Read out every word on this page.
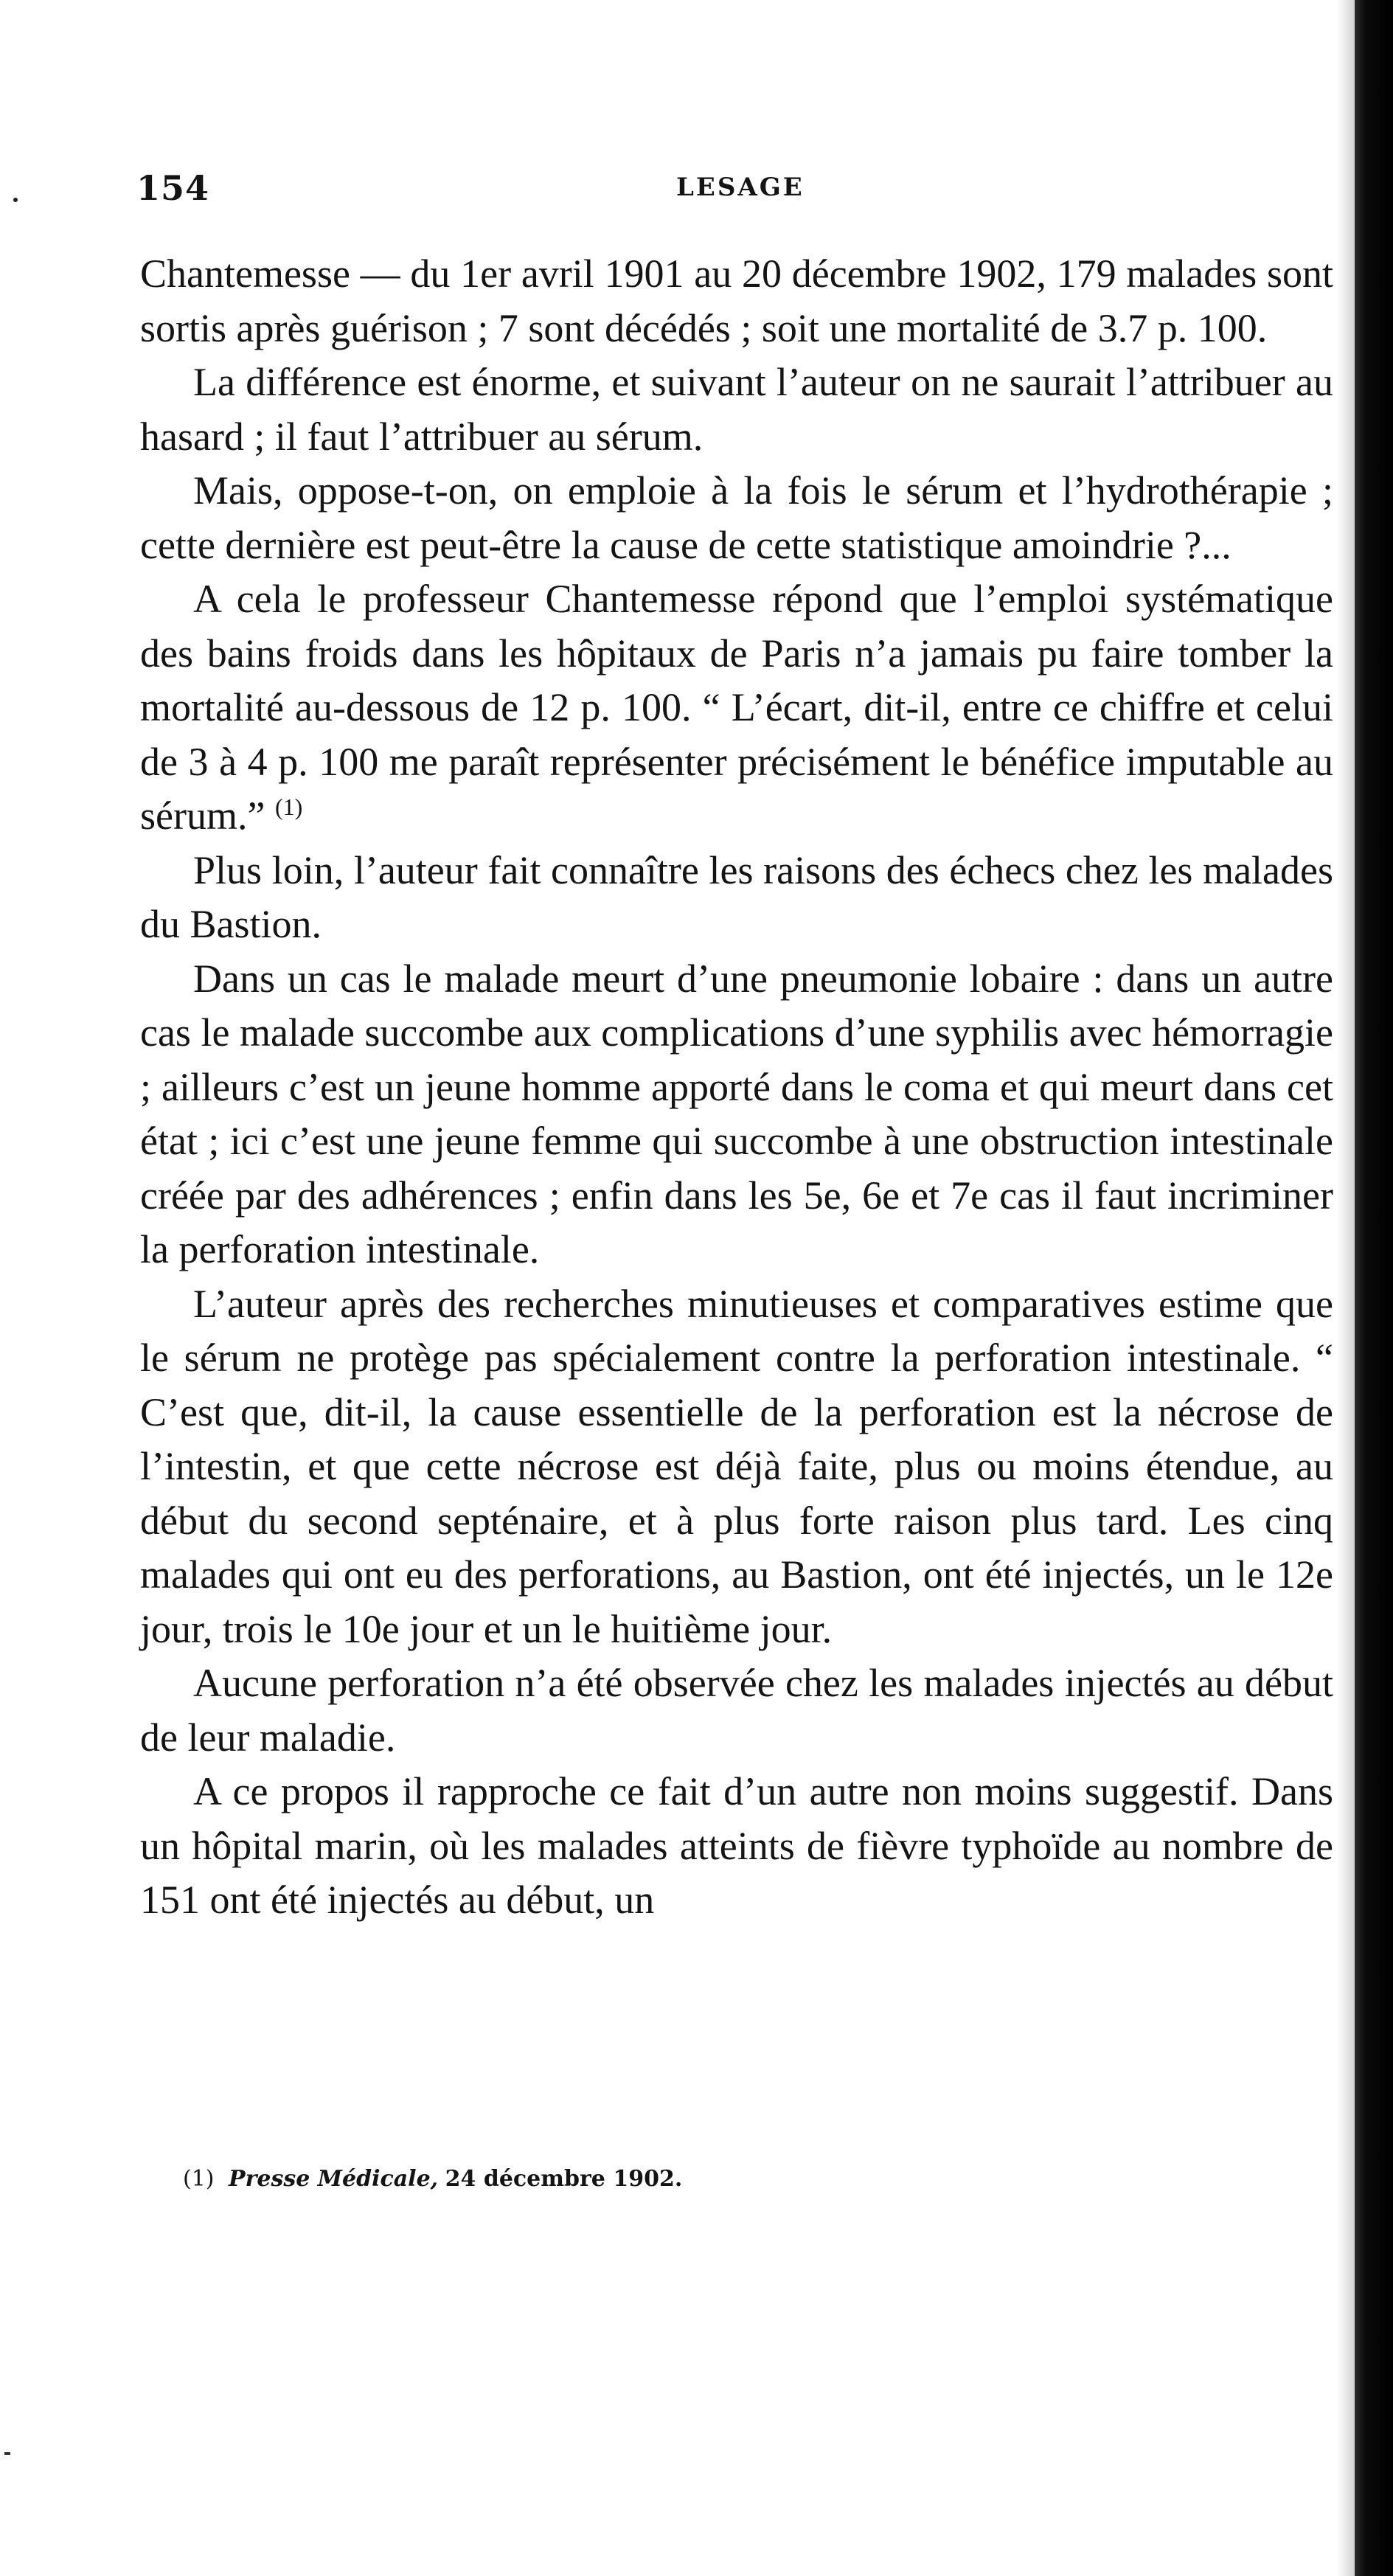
154	LESAGE

Chantemesse — du 1er avril 1901 au 20 décembre 1902, 179 malades sont sortis après guérison ; 7 sont décédés ; soit une mortalité de 3.7 p. 100.

La différence est énorme, et suivant l’auteur on ne saurait l’attribuer au hasard ; il faut l’attribuer au sérum.

Mais, oppose-t-on, on emploie à la fois le sérum et l’hydrothérapie ; cette dernière est peut-être la cause de cette statistique amoindrie ?...

A cela le professeur Chantemesse répond que l’emploi systématique des bains froids dans les hôpitaux de Paris n’a jamais pu faire tomber la mortalité au-dessous de 12 p. 100. “ L’écart, dit-il, entre ce chiffre et celui de 3 à 4 p. 100 me paraît représenter précisément le bénéfice imputable au sérum.” $^{(1)}$

Plus loin, l’auteur fait connaître les raisons des échecs chez les malades du Bastion.

Dans un cas le malade meurt d’une pneumonie lobaire : dans un autre cas le malade succombe aux complications d’une syphilis avec hémorragie ; ailleurs c’est un jeune homme apporté dans le coma et qui meurt dans cet état ; ici c’est une jeune femme qui succombe à une obstruction intestinale créée par des adhérences ; enfin dans les 5e, 6e et 7e cas il faut incriminer la perforation intestinale.

L’auteur après des recherches minutieuses et comparatives estime que le sérum ne protège pas spécialement contre la perforation intestinale. “ C’est que, dit-il, la cause essentielle de la perforation est la nécrose de l’intestin, et que cette nécrose est déjà faite, plus ou moins étendue, au début du second septénaire, et à plus forte raison plus tard. Les cinq malades qui ont eu des perforations, au Bastion, ont été injectés, un le 12e jour, trois le 10e jour et un le huitième jour.

Aucune perforation n’a été observée chez les malades injectés au début de leur maladie.

A ce propos il rapproche ce fait d’un autre non moins suggestif. Dans un hôpital marin, où les malades atteints de fièvre typhoïde au nombre de 151 ont été injectés au début, un

(1) Presse Médicale, 24 décembre 1902.
